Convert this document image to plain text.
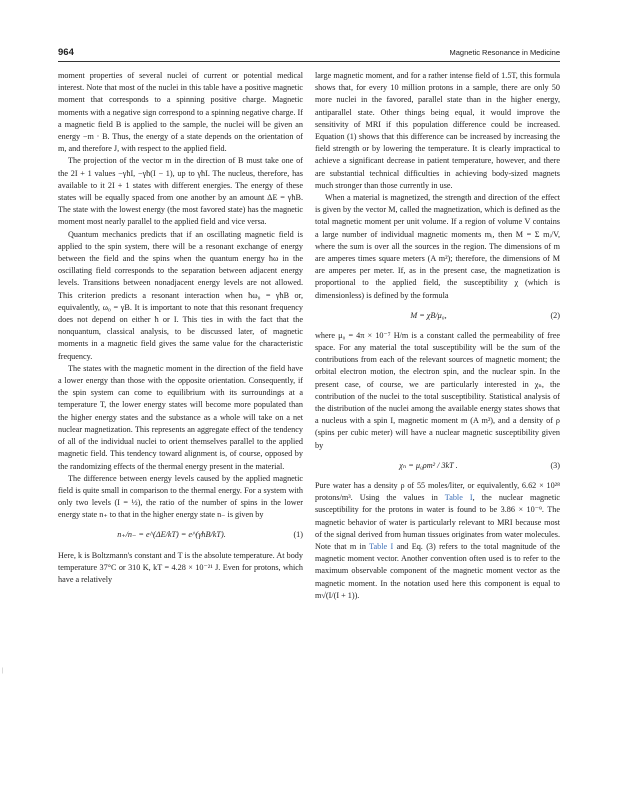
964	Magnetic Resonance in Medicine

moment properties of several nuclei of current or potential medical interest. Note that most of the nuclei in this table have a positive magnetic moment that corresponds to a spinning positive charge. Magnetic moments with a negative sign correspond to a spinning negative charge. If a magnetic field B is applied to the sample, the nuclei will be given an energy −m · B. Thus, the energy of a state depends on the orientation of m, and therefore J, with respect to the applied field.

The projection of the vector m in the direction of B must take one of the 2I + 1 values −γħI, −γħ(I − 1), up to γħI. The nucleus, therefore, has available to it 2I + 1 states with different energies. The energy of these states will be equally spaced from one another by an amount ΔE = γħB. The state with the lowest energy (the most favored state) has the magnetic moment most nearly parallel to the applied field and vice versa.

Quantum mechanics predicts that if an oscillating magnetic field is applied to the spin system, there will be a resonant exchange of energy between the field and the spins when the quantum energy ħω in the oscillating field corresponds to the separation between adjacent energy levels. Transitions between nonadjacent energy levels are not allowed. This criterion predicts a resonant interaction when ħω₀ = γħB or, equivalently, ω₀ = γB. It is important to note that this resonant frequency does not depend on either ħ or I. This ties in with the fact that the nonquantum, classical analysis, to be discussed later, of magnetic moments in a magnetic field gives the same value for the characteristic frequency.

The states with the magnetic moment in the direction of the field have a lower energy than those with the opposite orientation. Consequently, if the spin system can come to equilibrium with its surroundings at a temperature T, the lower energy states will become more populated than the higher energy states and the substance as a whole will take on a net nuclear magnetization. This represents an aggregate effect of the tendency of all of the individual nuclei to orient themselves parallel to the applied magnetic field. This tendency toward alignment is, of course, opposed by the randomizing effects of the thermal energy present in the material.

The difference between energy levels caused by the applied magnetic field is quite small in comparison to the thermal energy. For a system with only two levels (I = ½), the ratio of the number of spins in the lower energy state n₊ to that in the higher energy state n₋ is given by

n₊/n₋ = e^(ΔE/kT) = e^(γħB/kT).	(1)

Here, k is Boltzmann's constant and T is the absolute temperature. At body temperature 37°C or 310 K, kT = 4.28 × 10⁻²¹ J. Even for protons, which have a relatively

large magnetic moment, and for a rather intense field of 1.5T, this formula shows that, for every 10 million protons in a sample, there are only 50 more nuclei in the favored, parallel state than in the higher energy, antiparallel state. Other things being equal, it would improve the sensitivity of MRI if this population difference could be increased. Equation (1) shows that this difference can be increased by increasing the field strength or by lowering the temperature. It is clearly impractical to achieve a significant decrease in patient temperature, however, and there are substantial technical difficulties in achieving body-sized magnets much stronger than those currently in use.

When a material is magnetized, the strength and direction of the effect is given by the vector M, called the magnetization, which is defined as the total magnetic moment per unit volume. If a region of volume V contains a large number of individual magnetic moments mᵢ, then M = Σ mᵢ/V, where the sum is over all the sources in the region. The dimensions of m are amperes times square meters (A m²); therefore, the dimensions of M are amperes per meter. If, as in the present case, the magnetization is proportional to the applied field, the susceptibility χ (which is dimensionless) is defined by the formula

M = χB/μ₀,	(2)

where μ₀ = 4π × 10⁻⁷ H/m is a constant called the permeability of free space. For any material the total susceptibility will be the sum of the contributions from each of the relevant sources of magnetic moment; the orbital electron motion, the electron spin, and the nuclear spin. In the present case, of course, we are particularly interested in χₙ, the contribution of the nuclei to the total susceptibility. Statistical analysis of the distribution of the nuclei among the available energy states shows that a nucleus with a spin I, magnetic moment m (A m²), and a density of ρ (spins per cubic meter) will have a nuclear magnetic susceptibility given by

χₙ = μ₀ρm² / 3kT .	(3)

Pure water has a density ρ of 55 moles/liter, or equivalently, 6.62 × 10²⁸ protons/m³. Using the values in Table I, the nuclear magnetic susceptibility for the protons in water is found to be 3.86 × 10⁻⁹. The magnetic behavior of water is particularly relevant to MRI because most of the signal derived from human tissues originates from water molecules. Note that m in Table I and Eq. (3) refers to the total magnitude of the magnetic moment vector. Another convention often used is to refer to the maximum observable component of the magnetic moment vector as the magnetic moment. In the notation used here this component is equal to m√(I/(I + 1)).

|
